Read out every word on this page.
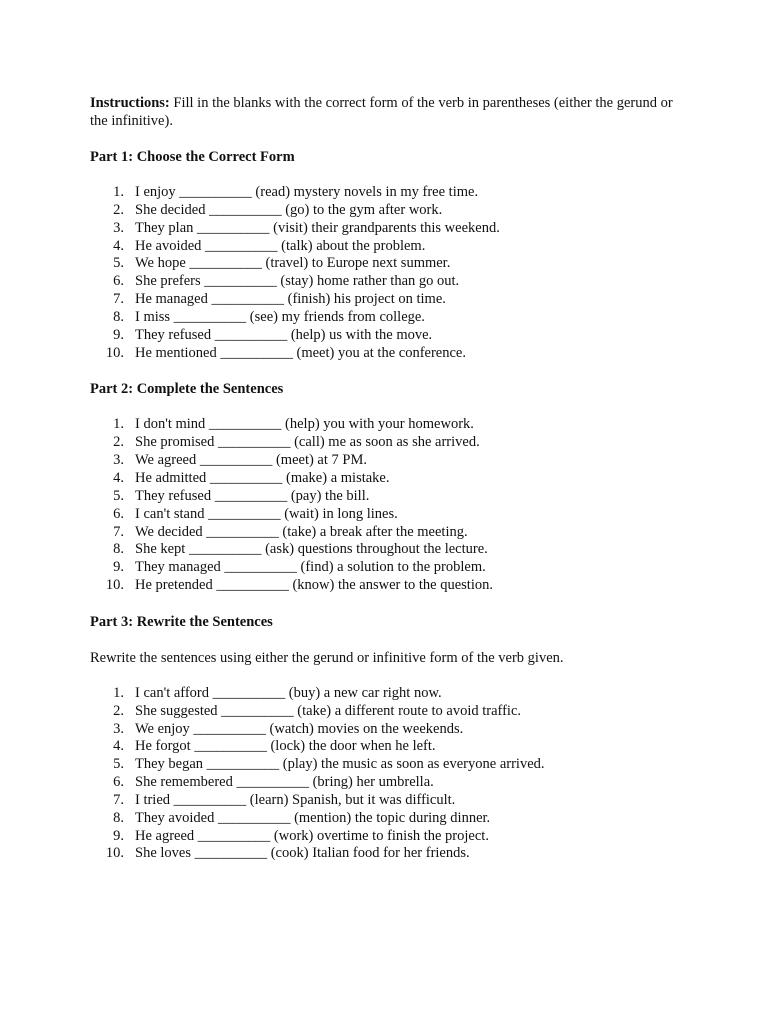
Instructions: Fill in the blanks with the correct form of the verb in parentheses (either the gerund or the infinitive).

Part 1: Choose the Correct Form

1. I enjoy __________ (read) mystery novels in my free time.
2. She decided __________ (go) to the gym after work.
3. They plan __________ (visit) their grandparents this weekend.
4. He avoided __________ (talk) about the problem.
5. We hope __________ (travel) to Europe next summer.
6. She prefers __________ (stay) home rather than go out.
7. He managed __________ (finish) his project on time.
8. I miss __________ (see) my friends from college.
9. They refused __________ (help) us with the move.
10. He mentioned __________ (meet) you at the conference.

Part 2: Complete the Sentences

1. I don't mind __________ (help) you with your homework.
2. She promised __________ (call) me as soon as she arrived.
3. We agreed __________ (meet) at 7 PM.
4. He admitted __________ (make) a mistake.
5. They refused __________ (pay) the bill.
6. I can't stand __________ (wait) in long lines.
7. We decided __________ (take) a break after the meeting.
8. She kept __________ (ask) questions throughout the lecture.
9. They managed __________ (find) a solution to the problem.
10. He pretended __________ (know) the answer to the question.

Part 3: Rewrite the Sentences

Rewrite the sentences using either the gerund or infinitive form of the verb given.

1. I can't afford __________ (buy) a new car right now.
2. She suggested __________ (take) a different route to avoid traffic.
3. We enjoy __________ (watch) movies on the weekends.
4. He forgot __________ (lock) the door when he left.
5. They began __________ (play) the music as soon as everyone arrived.
6. She remembered __________ (bring) her umbrella.
7. I tried __________ (learn) Spanish, but it was difficult.
8. They avoided __________ (mention) the topic during dinner.
9. He agreed __________ (work) overtime to finish the project.
10. She loves __________ (cook) Italian food for her friends.
